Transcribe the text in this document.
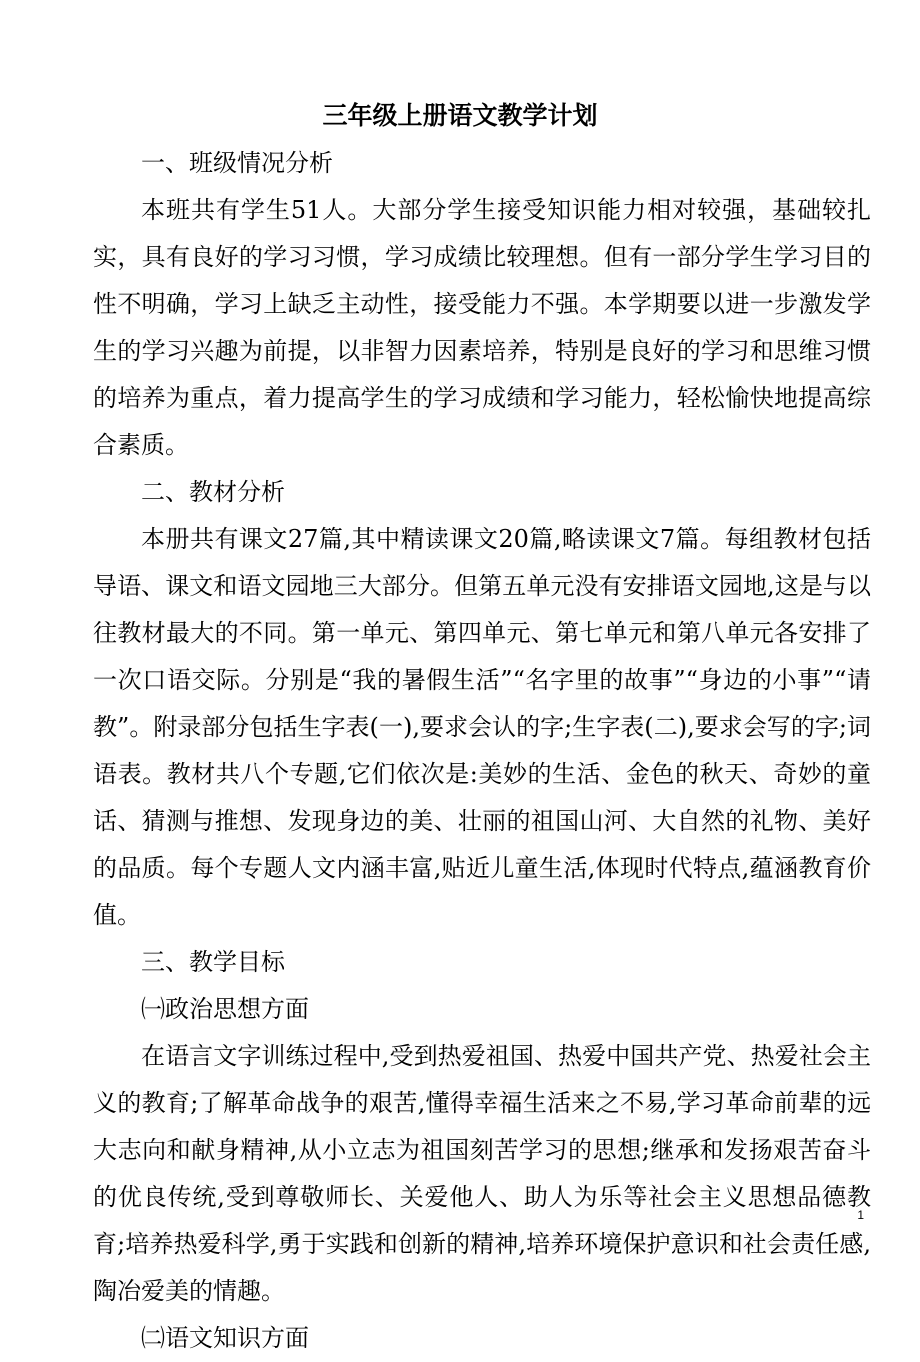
三年级上册语文教学计划

一、班级情况分析

本班共有学生51人。大部分学生接受知识能力相对较强，基础较扎实，具有良好的学习习惯，学习成绩比较理想。但有一部分学生学习目的性不明确，学习上缺乏主动性，接受能力不强。本学期要以进一步激发学生的学习兴趣为前提，以非智力因素培养，特别是良好的学习和思维习惯的培养为重点，着力提高学生的学习成绩和学习能力，轻松愉快地提高综合素质。

二、教材分析

本册共有课文27篇,其中精读课文20篇,略读课文7篇。每组教材包括导语、课文和语文园地三大部分。但第五单元没有安排语文园地,这是与以往教材最大的不同。第一单元、第四单元、第七单元和第八单元各安排了一次口语交际。分别是“我的暑假生活”“名字里的故事”“身边的小事”“请教”。附录部分包括生字表(一),要求会认的字;生字表(二),要求会写的字;词语表。教材共八个专题,它们依次是:美妙的生活、金色的秋天、奇妙的童话、猜测与推想、发现身边的美、壮丽的祖国山河、大自然的礼物、美好的品质。每个专题人文内涵丰富,贴近儿童生活,体现时代特点,蕴涵教育价值。

三、教学目标

㈠政治思想方面

在语言文字训练过程中,受到热爱祖国、热爱中国共产党、热爱社会主义的教育;了解革命战争的艰苦,懂得幸福生活来之不易,学习革命前辈的远大志向和献身精神,从小立志为祖国刻苦学习的思想;继承和发扬艰苦奋斗的优良传统,受到尊敬师长、关爱他人、助人为乐等社会主义思想品德教育;培养热爱科学,勇于实践和创新的精神,培养环境保护意识和社会责任感,陶冶爱美的情趣。

㈡语文知识方面

1
